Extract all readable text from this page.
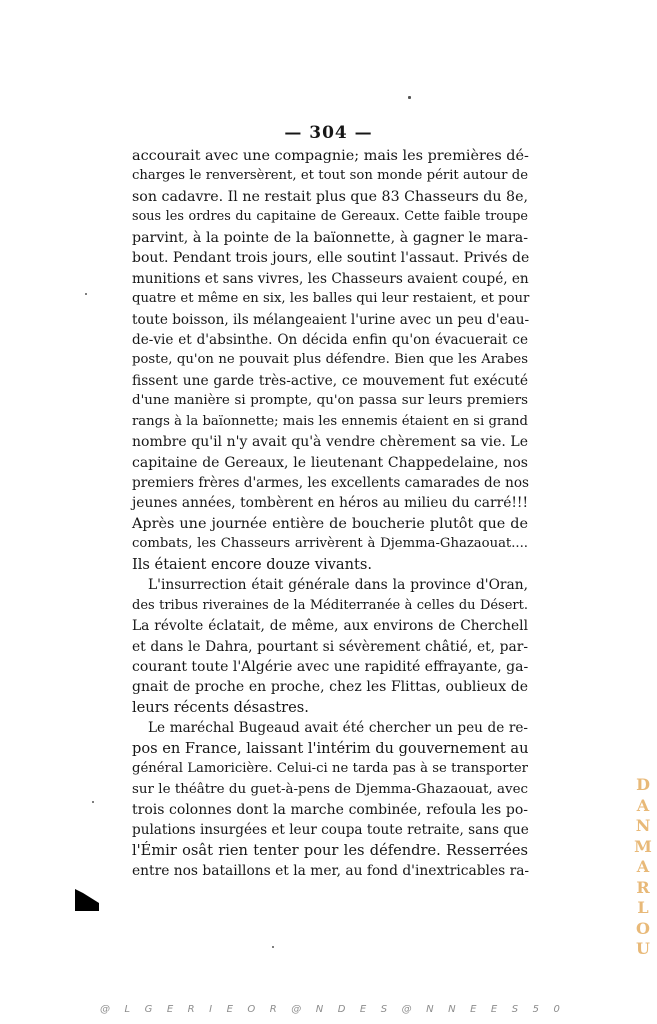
— 304 —
accourait avec une compagnie; mais les premières dé-
charges le renversèrent, et tout son monde périt autour de
son cadavre. Il ne restait plus que 83 Chasseurs du 8e,
sous les ordres du capitaine de Gereaux. Cette faible troupe
parvint, à la pointe de la baïonnette, à gagner le mara-
bout. Pendant trois jours, elle soutint l'assaut. Privés de
munitions et sans vivres, les Chasseurs avaient coupé, en
quatre et même en six, les balles qui leur restaient, et pour
toute boisson, ils mélangeaient l'urine avec un peu d'eau-
de-vie et d'absinthe. On décida enfin qu'on évacuerait ce
poste, qu'on ne pouvait plus défendre. Bien que les Arabes
fissent une garde très-active, ce mouvement fut exécuté
d'une manière si prompte, qu'on passa sur leurs premiers
rangs à la baïonnette; mais les ennemis étaient en si grand
nombre qu'il n'y avait qu'à vendre chèrement sa vie. Le
capitaine de Gereaux, le lieutenant Chappedelaine, nos
premiers frères d'armes, les excellents camarades de nos
jeunes années, tombèrent en héros au milieu du carré!!!
Après une journée entière de boucherie plutôt que de
combats, les Chasseurs arrivèrent à Djemma-Ghazaouat....
Ils étaient encore douze vivants.
L'insurrection était générale dans la province d'Oran,
des tribus riveraines de la Méditerranée à celles du Désert.
La révolte éclatait, de même, aux environs de Cherchell
et dans le Dahra, pourtant si sévèrement châtié, et, par-
courant toute l'Algérie avec une rapidité effrayante, ga-
gnait de proche en proche, chez les Flittas, oublieux de
leurs récents désastres.
Le maréchal Bugeaud avait été chercher un peu de re-
pos en France, laissant l'intérim du gouvernement au
général Lamoricière. Celui-ci ne tarda pas à se transporter
sur le théâtre du guet-à-pens de Djemma-Ghazaouat, avec
trois colonnes dont la marche combinée, refoula les po-
pulations insurgées et leur coupa toute retraite, sans que
l'Émir osât rien tenter pour les défendre. Resserrées
entre nos bataillons et la mer, au fond d'inextricables ra-
D
A
N
M
A
R
L
O
U
@ L G E R I E O R @ N D E S @ N N E E S 5 0
